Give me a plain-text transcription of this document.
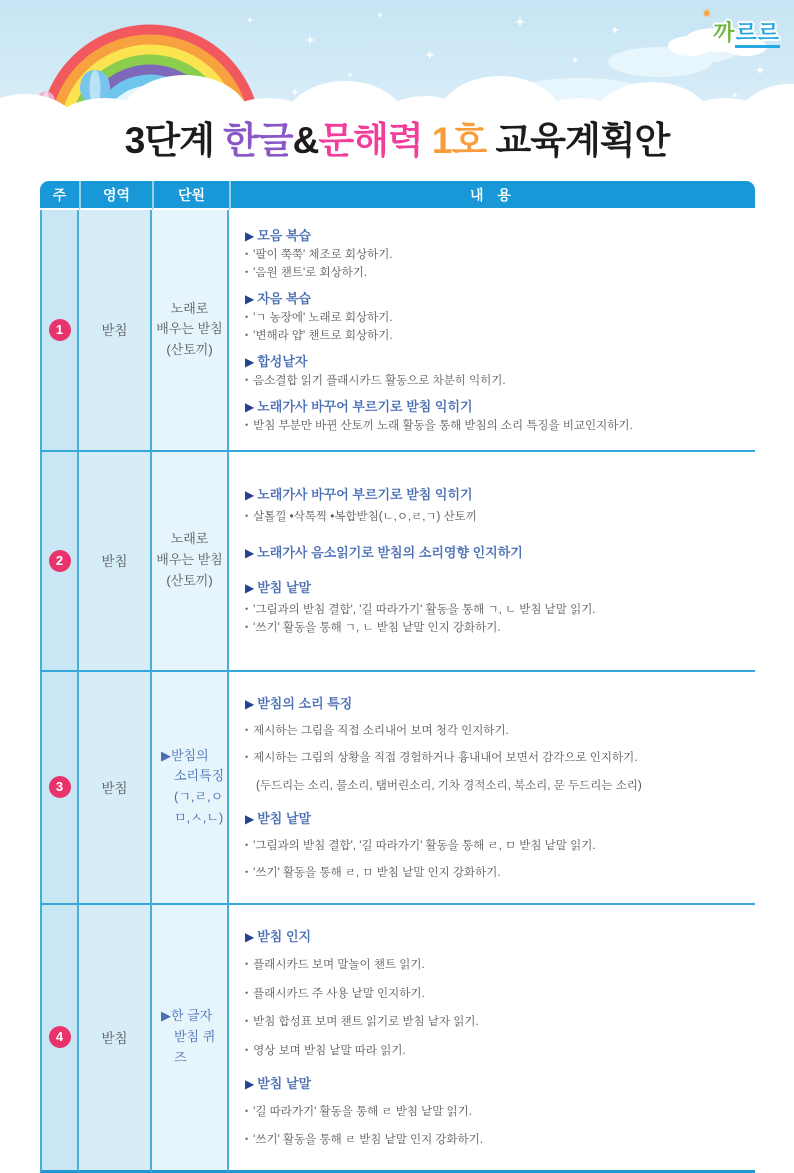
✷
까르르
3단계 한글&문해력 1호 교육계획안
주	영역	단원	내 용
1	받침	
노래로
배우는 받침
(산토끼)

▶ 모음 복습
• '팔이 쭉쭉' 체조로 회상하기.
• '음원 챈트'로 회상하기.
▶ 자음 복습
• 'ㄱ 농장에' 노래로 회상하기.
• '변해라 얍' 챈트로 회상하기.
▶ 합성낱자
• 음소결합 읽기 플래시카드 활동으로 차분히 익히기.
▶ 노래가사 바꾸어 부르기로 받침 익히기
• 받침 부분만 바뀐 산토끼 노래 활동을 통해 받침의 소리 특징을 비교인지하기.

2	받침	
노래로
배우는 받침
(산토끼)

▶ 노래가사 바꾸어 부르기로 받침 익히기
• 살톨낄 •삭톡찍 •복합받침(ㄴ,ㅇ,ㄹ,ㄱ) 산토끼
▶ 노래가사 음소읽기로 받침의 소리영향 인지하기
▶ 받침 낱말
• '그림과의 받침 결합', '길 따라가기' 활동을 통해 ㄱ, ㄴ 받침 낱말 읽기.
• '쓰기' 활동을 통해 ㄱ, ㄴ 받침 낱말 인지 강화하기.

3	받침	
▶받침의
소리특징
(ㄱ,ㄹ,ㅇ
ㅁ,ㅅ,ㄴ)

▶ 받침의 소리 특징
• 제시하는 그림을 직접 소리내어 보며 청각 인지하기.
• 제시하는 그림의 상황을 직접 경험하거나 흉내내어 보면서 감각으로 인지하기.
(두드리는 소리, 물소리, 탬버린소리, 기차 경적소리, 북소리, 문 두드리는 소리)
▶ 받침 낱말
• '그림과의 받침 결합', '길 따라가기' 활동을 통해 ㄹ, ㅁ 받침 낱말 읽기.
• '쓰기' 활동을 통해 ㄹ, ㅁ 받침 낱말 인지 강화하기.

4	받침	
▶한 글자
받침 퀴즈

▶ 받침 인지
• 플래시카드 보며 말놀이 챈트 읽기.
• 플래시카드 주 사용 낱말 인지하기.
• 받침 합성표 보며 챈트 읽기로 받침 낱자 읽기.
• 영상 보며 받침 낱말 따라 읽기.
▶ 받침 낱말
• '길 따라가기' 활동을 통해 ㄹ 받침 낱말 읽기.
• '쓰기' 활동을 통해 ㄹ 받침 낱말 인지 강화하기.
